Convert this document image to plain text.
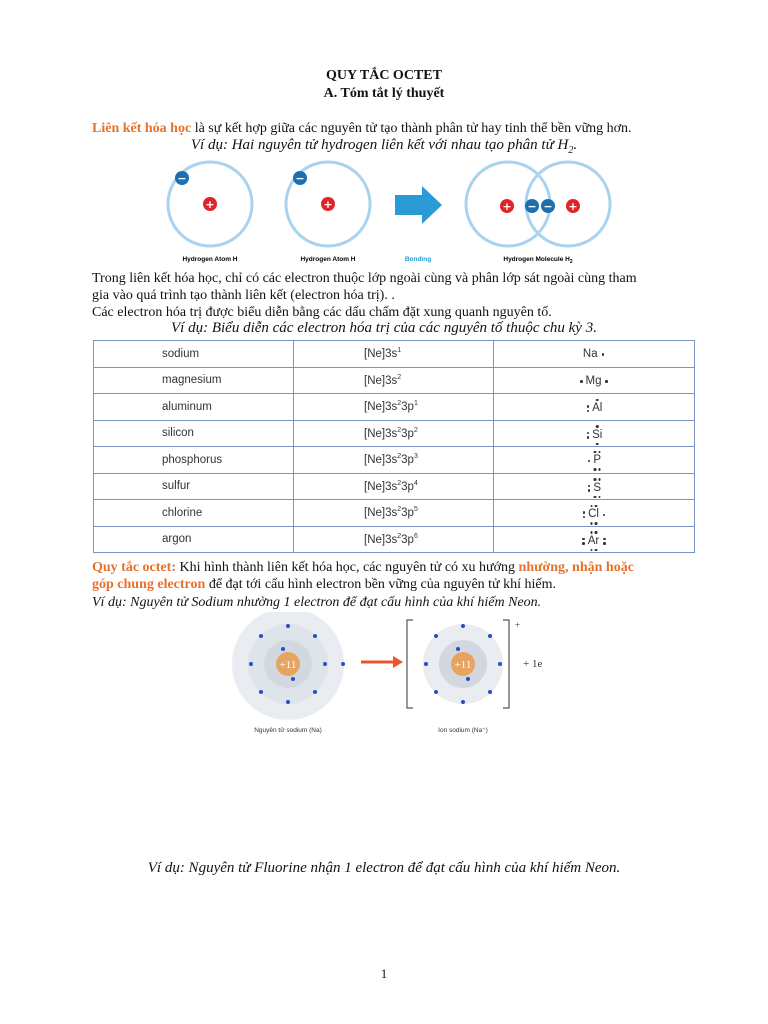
QUY TẮC OCTET
A. Tóm tắt lý thuyết
Liên kết hóa học là sự kết hợp giữa các nguyên tử tạo thành phân tử hay tinh thể bền vững hơn.
Ví dụ: Hai nguyên tử hydrogen liên kết với nhau tạo phân tử $H_2$.
+
−
+
−
+ − − +
Hydrogen Atom H	Hydrogen Atom H	Bonding	Hydrogen Molecule $H_2$
Trong liên kết hóa học, chỉ có các electron thuộc lớp ngoài cùng và phân lớp sát ngoài cùng tham
gia vào quá trình tạo thành liên kết (electron hóa trị). .
Các electron hóa trị được biểu diễn bằng các dấu chấm đặt xung quanh nguyên tố.
Ví dụ: Biểu diễn các electron hóa trị của các nguyên tố thuộc chu kỳ 3.
sodium	$[Ne]3s^1$	Na

magnesium	$[Ne]3s^2$	Mg

aluminum	$[Ne]3s^23p^1$	Al

silicon	$[Ne]3s^23p^2$	Si

phosphorus	$[Ne]3s^23p^3$	P

sulfur	$[Ne]3s^23p^4$	S

chlorine	$[Ne]3s^23p^5$	Cl

argon	$[Ne]3s^23p^6$	Ar
Quy tắc octet: Khi hình thành liên kết hóa học, các nguyên tử có xu hướng nhường, nhận hoặc
góp chung electron để đạt tới cấu hình electron bền vững của nguyên tử khí hiếm.
Ví dụ: Nguyên tử Sodium nhường 1 electron để đạt cấu hình của khí hiếm Neon.
+11
+
+11	+ 1e
Nguyên tử sodium (Na)	Ion sodium (Na⁺)
Ví dụ: Nguyên tử Fluorine nhận 1 electron để đạt cấu hình của khí hiếm Neon.
1
